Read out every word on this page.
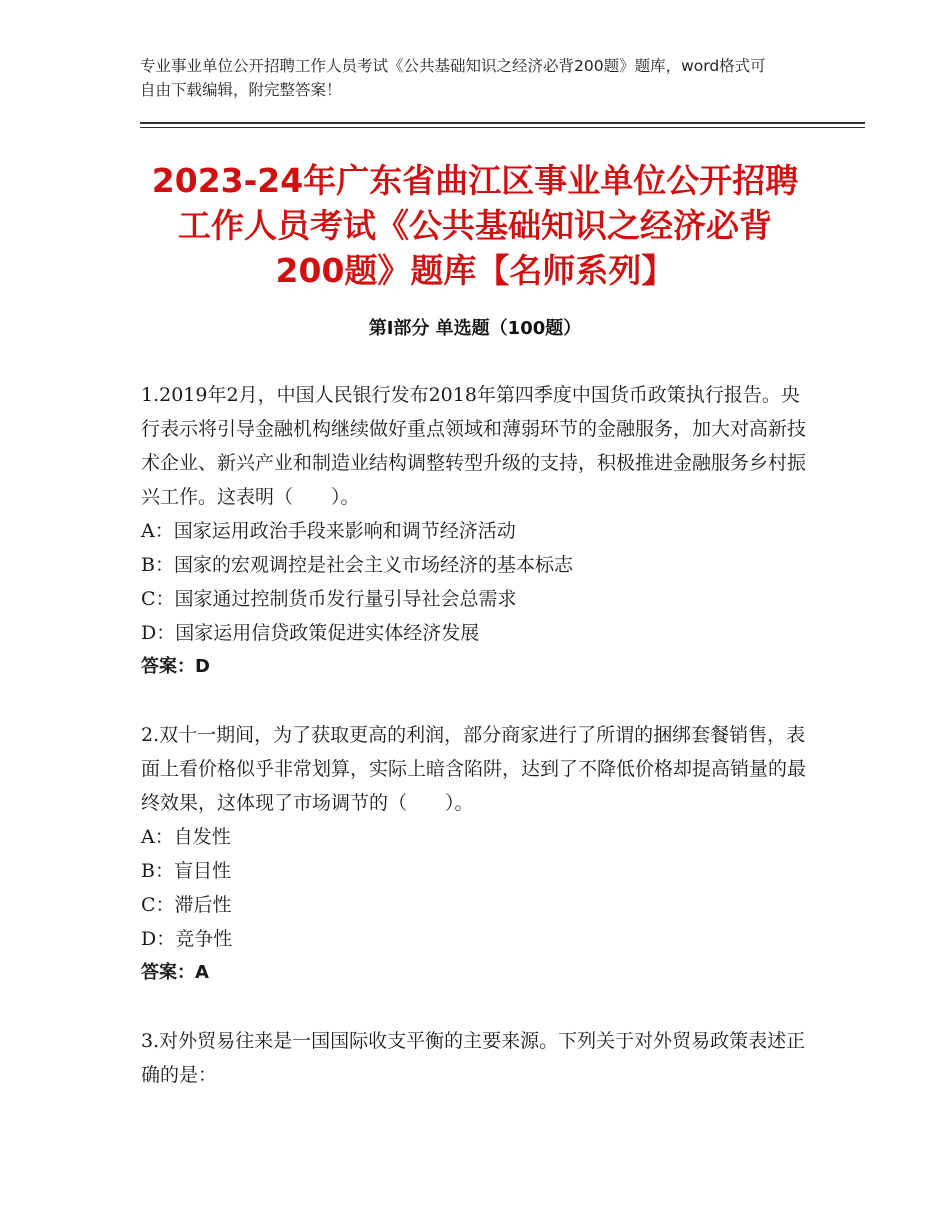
专业事业单位公开招聘工作人员考试《公共基础知识之经济必背200题》题库，word格式可自由下载编辑，附完整答案！
2023-24年广东省曲江区事业单位公开招聘
工作人员考试《公共基础知识之经济必背
200题》题库【名师系列】
第Ⅰ部分 单选题（100题）
1.2019年2月，中国人民银行发布2018年第四季度中国货币政策执行报告。央行表示将引导金融机构继续做好重点领域和薄弱环节的金融服务，加大对高新技术企业、新兴产业和制造业结构调整转型升级的支持，积极推进金融服务乡村振兴工作。这表明（　　）。
A：国家运用政治手段来影响和调节经济活动
B：国家的宏观调控是社会主义市场经济的基本标志
C：国家通过控制货币发行量引导社会总需求
D：国家运用信贷政策促进实体经济发展
答案：D
2.双十一期间，为了获取更高的利润，部分商家进行了所谓的捆绑套餐销售，表面上看价格似乎非常划算，实际上暗含陷阱，达到了不降低价格却提高销量的最终效果，这体现了市场调节的（　　）。
A：自发性
B：盲目性
C：滞后性
D：竞争性
答案：A
3.对外贸易往来是一国国际收支平衡的主要来源。下列关于对外贸易政策表述正确的是：
